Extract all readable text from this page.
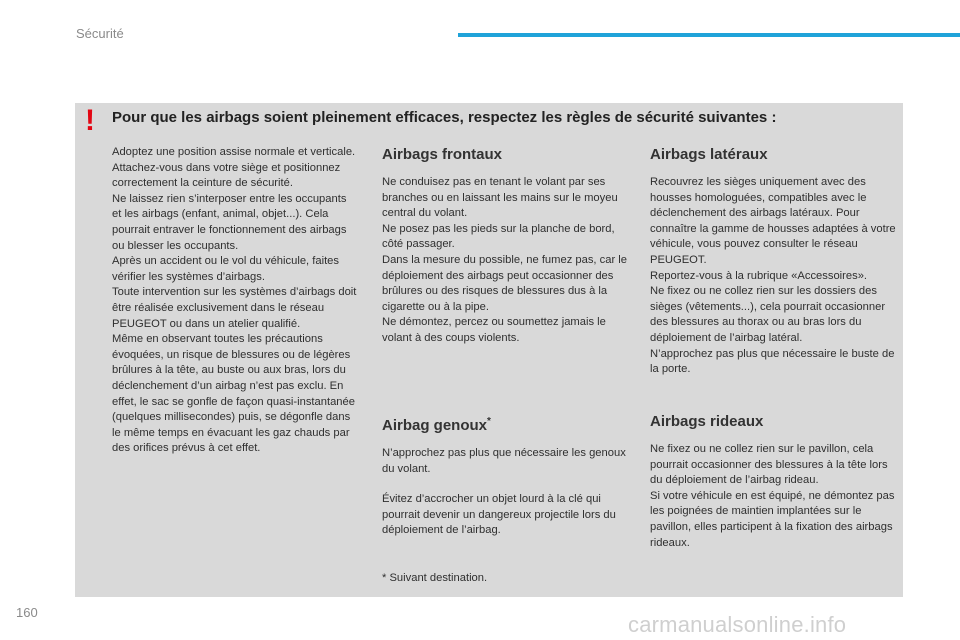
Sécurité
! Pour que les airbags soient pleinement efficaces, respectez les règles de sécurité suivantes :

Adoptez une position assise normale et verticale.

Attachez-vous dans votre siège et positionnez correctement la ceinture de sécurité.

Ne laissez rien s’interposer entre les occupants et les airbags (enfant, animal, objet...). Cela pourrait entraver le fonctionnement des airbags ou blesser les occupants.

Après un accident ou le vol du véhicule, faites vérifier les systèmes d’airbags.

Toute intervention sur les systèmes d’airbags doit être réalisée exclusivement dans le réseau PEUGEOT ou dans un atelier qualifié.

Même en observant toutes les précautions évoquées, un risque de blessures ou de légères brûlures à la tête, au buste ou aux bras, lors du déclenchement d’un airbag n’est pas exclu. En effet, le sac se gonfle de façon quasi-instantanée (quelques millisecondes) puis, se dégonfle dans le même temps en évacuant les gaz chauds par des orifices prévus à cet effet.

Airbags frontaux

Ne conduisez pas en tenant le volant par ses branches ou en laissant les mains sur le moyeu central du volant.

Ne posez pas les pieds sur la planche de bord, côté passager.

Dans la mesure du possible, ne fumez pas, car le déploiement des airbags peut occasionner des brûlures ou des risques de blessures dus à la cigarette ou à la pipe.

Ne démontez, percez ou soumettez jamais le volant à des coups violents.

Airbags latéraux

Recouvrez les sièges uniquement avec des housses homologuées, compatibles avec le déclenchement des airbags latéraux. Pour connaître la gamme de housses adaptées à votre véhicule, vous pouvez consulter le réseau PEUGEOT.

Reportez-vous à la rubrique «Accessoires».

Ne fixez ou ne collez rien sur les dossiers des sièges (vêtements...), cela pourrait occasionner des blessures au thorax ou au bras lors du déploiement de l’airbag latéral.

N’approchez pas plus que nécessaire le buste de la porte.

Airbag genoux*

N’approchez pas plus que nécessaire les genoux du volant.

Évitez d’accrocher un objet lourd à la clé qui pourrait devenir un dangereux projectile lors du déploiement de l’airbag.

Airbags rideaux

Ne fixez ou ne collez rien sur le pavillon, cela pourrait occasionner des blessures à la tête lors du déploiement de l’airbag rideau.

Si votre véhicule en est équipé, ne démontez pas les poignées de maintien implantées sur le pavillon, elles participent à la fixation des airbags rideaux.

* Suivant destination.
160	carmanualsonline.info
